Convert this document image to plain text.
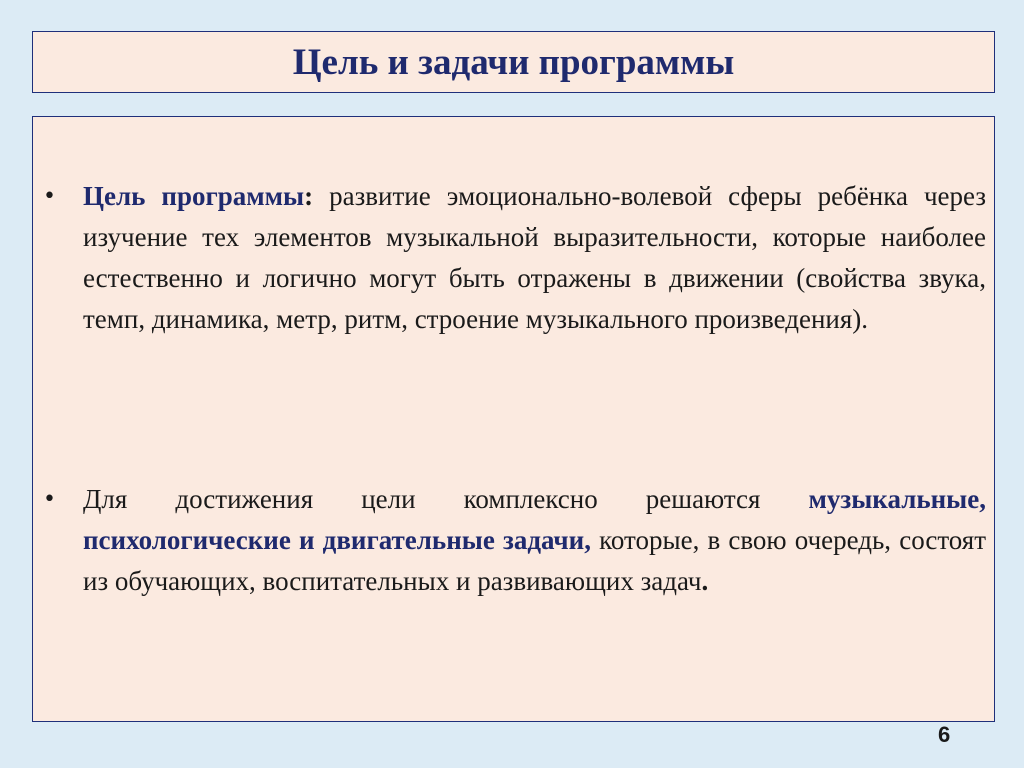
Цель и задачи программы
• Цель программы: развитие эмоционально-волевой сферы ребёнка через изучение тех элементов музыкальной выразительности, которые наиболее естественно и логично могут быть отражены в движении (свойства звука, темп, динамика, метр, ритм, строение музыкального произведения).
• Для достижения цели комплексно решаются музыкальные, психологические и двигательные задачи, которые, в свою очередь, состоят из обучающих, воспитательных и развивающих задач.
6
